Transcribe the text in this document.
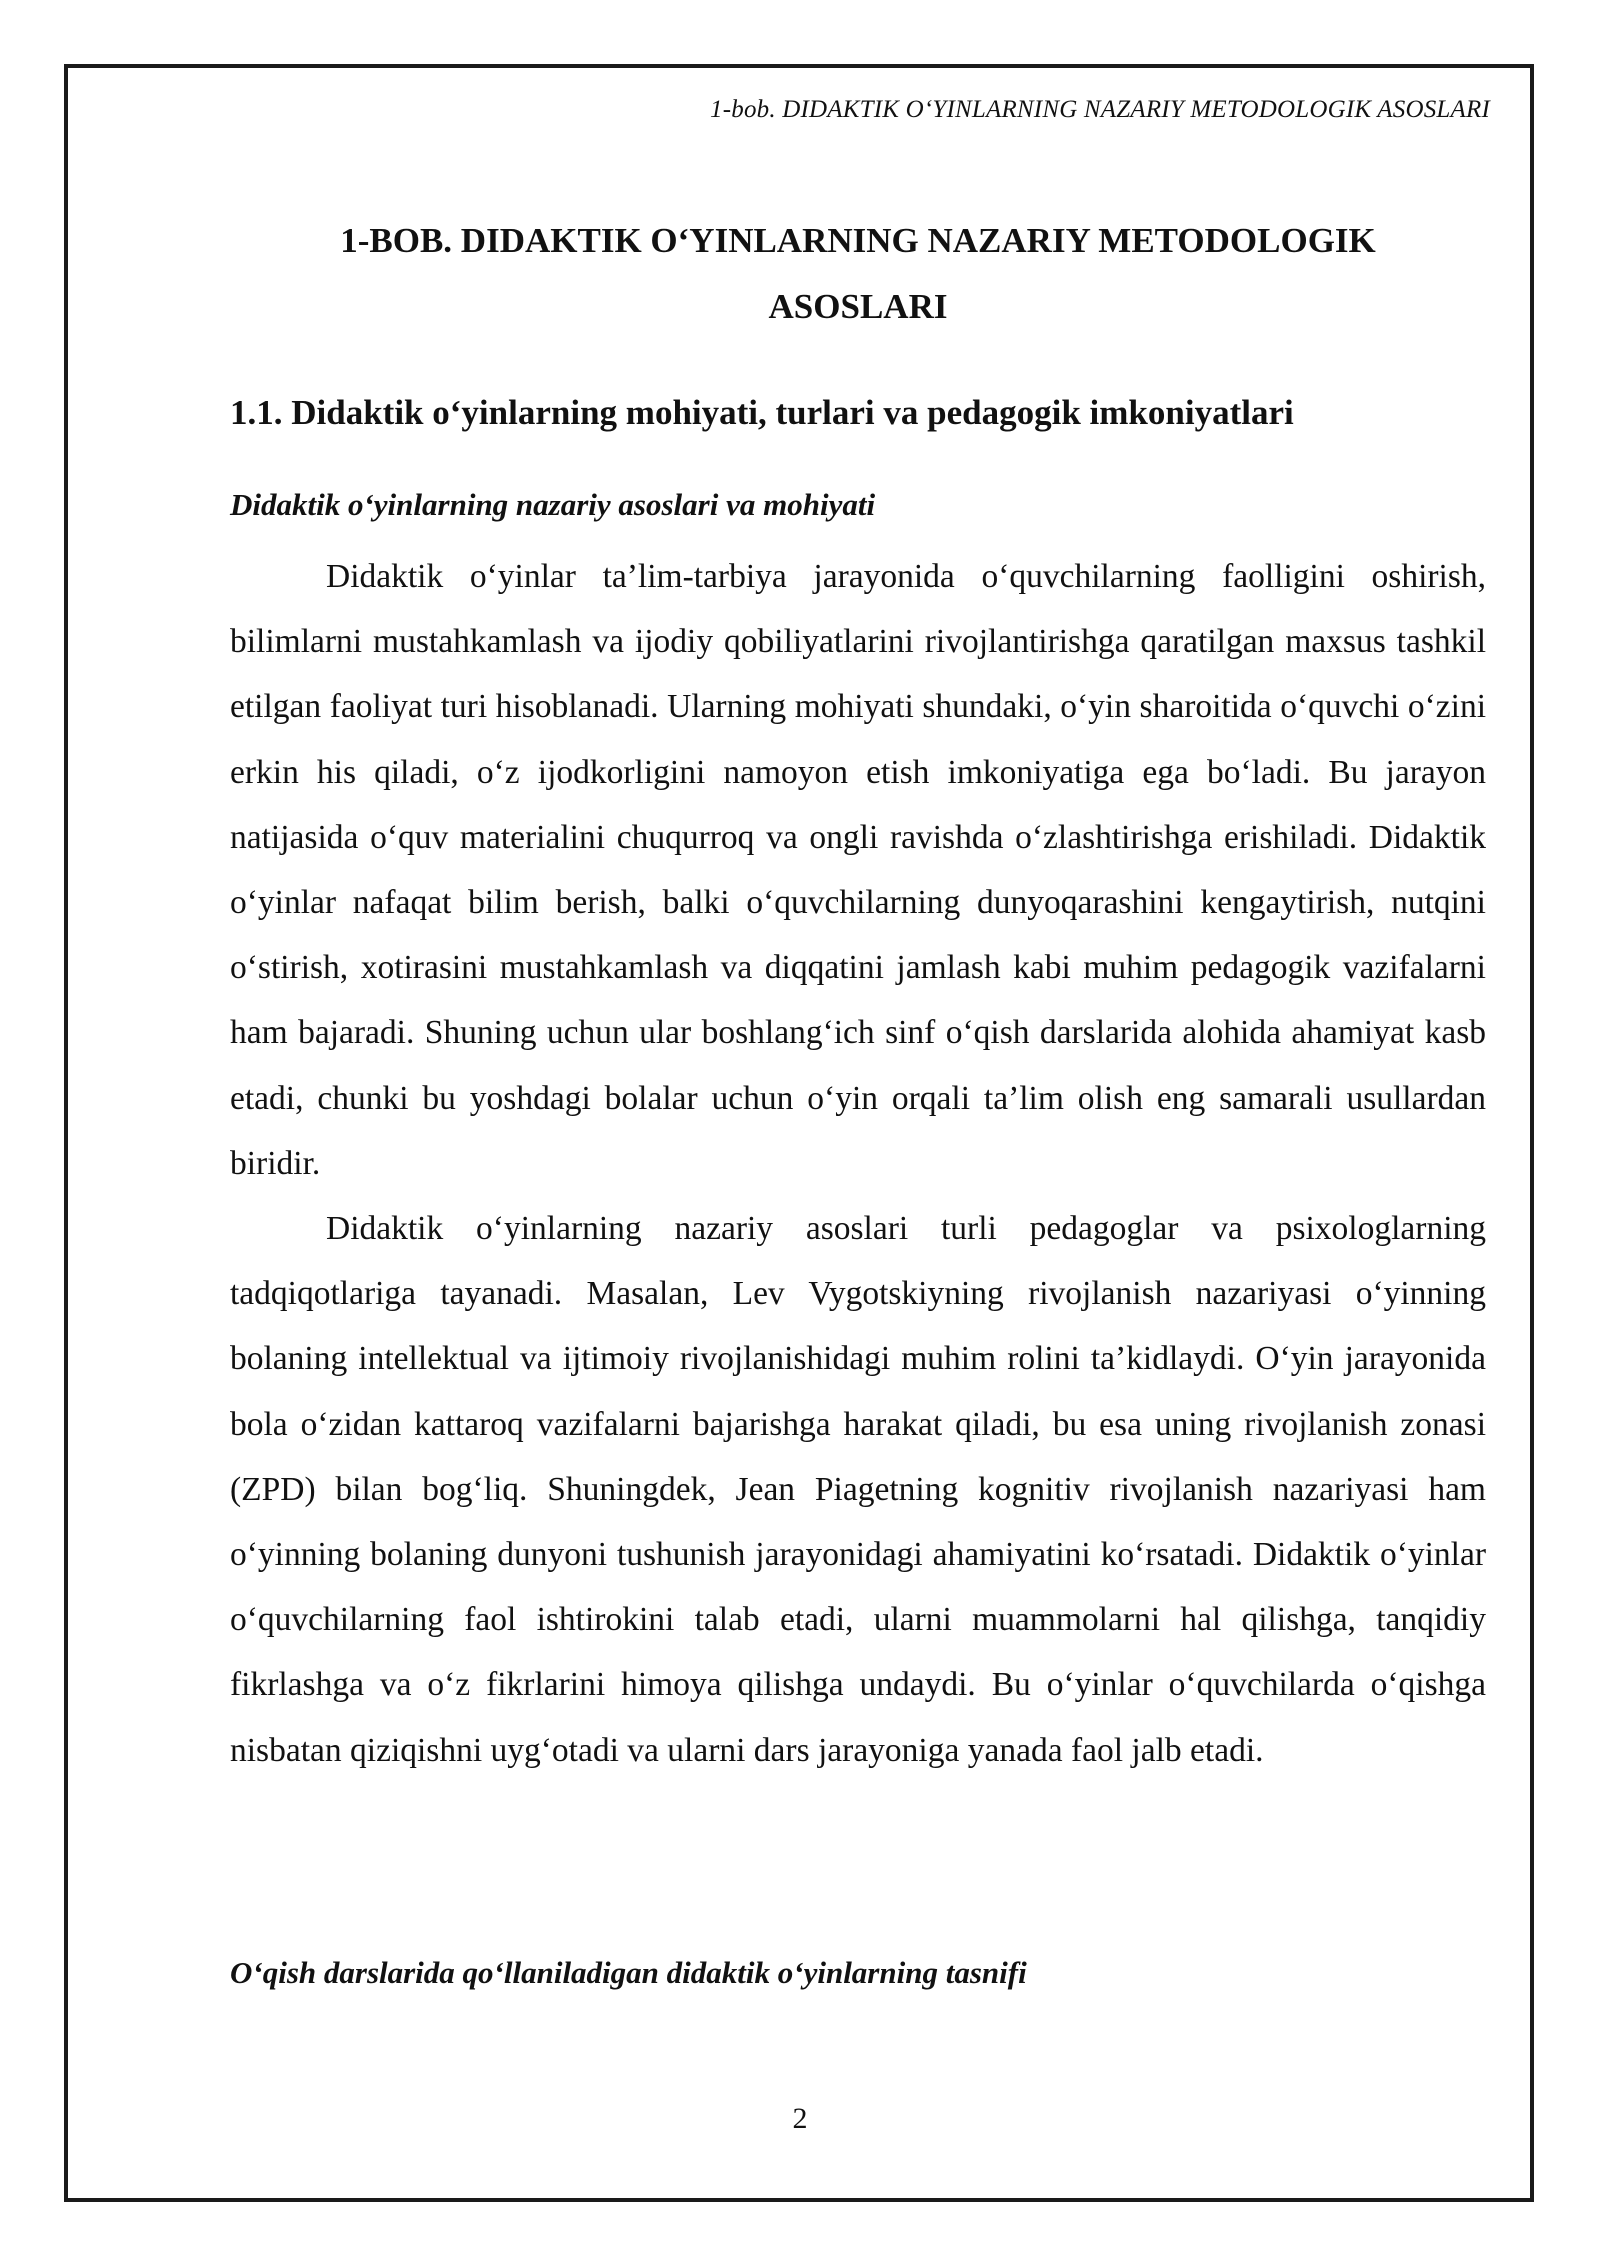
1-bob. DIDAKTIK O‘YINLARNING NAZARIY METODOLOGIK ASOSLARI
1-BOB. DIDAKTIK O‘YINLARNING NAZARIY METODOLOGIK
ASOSLARI
1.1. Didaktik o‘yinlarning mohiyati, turlari va pedagogik imkoniyatlari
Didaktik o‘yinlarning nazariy asoslari va mohiyati

Didaktik o‘yinlar ta’lim-tarbiya jarayonida o‘quvchilarning faolligini oshirish, bilimlarni mustahkamlash va ijodiy qobiliyatlarini rivojlantirishga qaratilgan maxsus tashkil etilgan faoliyat turi hisoblanadi. Ularning mohiyati shundaki, o‘yin sharoitida o‘quvchi o‘zini erkin his qiladi, o‘z ijodkorligini namoyon etish imkoniyatiga ega bo‘ladi. Bu jarayon natijasida o‘quv materialini chuqurroq va ongli ravishda o‘zlashtirishga erishiladi. Didaktik o‘yinlar nafaqat bilim berish, balki o‘quvchilarning dunyoqarashini kengaytirish, nutqini o‘stirish, xotirasini mustahkamlash va diqqatini jamlash kabi muhim pedagogik vazifalarni ham bajaradi. Shuning uchun ular boshlang‘ich sinf o‘qish darslarida alohida ahamiyat kasb etadi, chunki bu yoshdagi bolalar uchun o‘yin orqali ta’lim olish eng samarali usullardan biridir.

Didaktik o‘yinlarning nazariy asoslari turli pedagoglar va psixologlarning tadqiqotlariga tayanadi. Masalan, Lev Vygotskiyning rivojlanish nazariyasi o‘yinning bolaning intellektual va ijtimoiy rivojlanishidagi muhim rolini ta’kidlaydi. O‘yin jarayonida bola o‘zidan kattaroq vazifalarni bajarishga harakat qiladi, bu esa uning rivojlanish zonasi (ZPD) bilan bog‘liq. Shuningdek, Jean Piagetning kognitiv rivojlanish nazariyasi ham o‘yinning bolaning dunyoni tushunish jarayonidagi ahamiyatini ko‘rsatadi. Didaktik o‘yinlar o‘quvchilarning faol ishtirokini talab etadi, ularni muammolarni hal qilishga, tanqidiy fikrlashga va o‘z fikrlarini himoya qilishga undaydi. Bu o‘yinlar o‘quvchilarda o‘qishga nisbatan qiziqishni uyg‘otadi va ularni dars jarayoniga yanada faol jalb etadi.

O‘qish darslarida qo‘llaniladigan didaktik o‘yinlarning tasnifi
2
